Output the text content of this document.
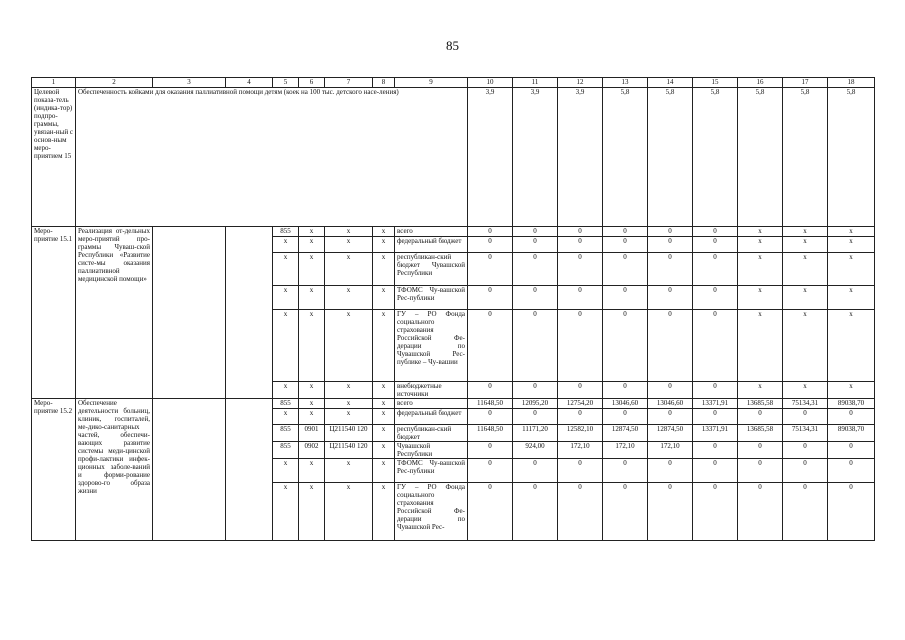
85
1	2	3	4	5	6	7	8	9	10	11	12	13	14	15	16	17	18
Целевой показа-тель (индика-тор) подпро-граммы, увязан-ный с основ-ным меро-приятием 15	Обеспеченность койками для оказания паллиативной помощи детям (коек на 100 тыс. детского насе-ления)								3,9	3,9	3,9	5,8	5,8	5,8	5,8	5,8	5,8
Меро-приятие 15.1	Реализация от-дельных меро-приятий про-граммы Чуваш-ской Республики «Развитие систе-мы оказания паллиативной медицинской помощи»			855	x	x	x	всего	0	0	0	0	0	0	x	x	x
				x	x	x	x	федеральный бюджет	0	0	0	0	0	0	x	x	x
				x	x	x	x	республикан-ский бюджет Чувашской Республики	0	0	0	0	0	0	x	x	x
				x	x	x	x	ТФОМС Чу-вашской Рес-публики	0	0	0	0	0	0	x	x	x
				x	x	x	x	ГУ – РО Фонда социального страхования Российской Фе-дерации по Чувашской Рес-публике – Чу-вашии	0	0	0	0	0	0	x	x	x
				x	x	x	x	внебюджетные источники	0	0	0	0	0	0	x	x	x
Меро-приятие 15.2	Обеспечение деятельности больниц, клиник, госпиталей, ме-дико-санитарных частей, обеспечи-вающих развитие системы меди-цинской профи-лактики инфек-ционных заболе-ваний и форми-рование здорово-го образа жизни			855	x	x	x	всего	11648,50	12095,20	12754,20	13046,60	13046,60	13371,91	13685,58	75134,31	89038,70
				x	x	x	x	федеральный бюджет	0	0	0	0	0	0	0	0	0
				855	0901	Ц211540 120	x	республикан-ский бюджет	11648,50	11171,20	12582,10	12874,50	12874,50	13371,91	13685,58	75134,31	89038,70
				855	0902	Ц211540 120	x	Чувашской Республики	0	924,00	172,10	172,10	172,10	0	0	0	0
				x	x	x	x	ТФОМС Чу-вашской Рес-публики	0	0	0	0	0	0	0	0	0
				x	x	x	x	ГУ – РО Фонда социального страхования Российской Фе-дерации по Чувашской Рес-	0	0	0	0	0	0	0	0	0
